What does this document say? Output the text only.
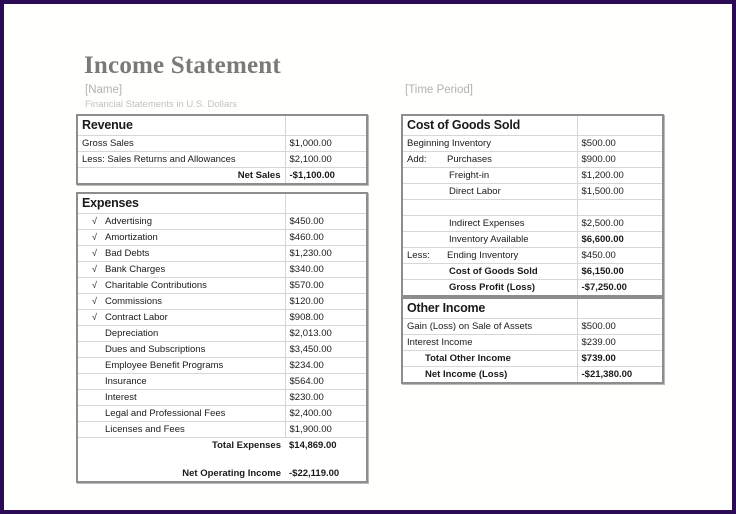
Income Statement
[Name]
Financial Statements in U.S. Dollars
[Time Period]
Revenue	
Gross Sales	$1,000.00
Less: Sales Returns and Allowances	$2,100.00
Net Sales	-$1,100.00
Expenses	
√ Advertising	$450.00
√ Amortization	$460.00
√ Bad Debts	$1,230.00
√ Bank Charges	$340.00
√ Charitable Contributions	$570.00
√ Commissions	$120.00
√ Contract Labor	$908.00
Depreciation	$2,013.00
Dues and Subscriptions	$3,450.00
Employee Benefit Programs	$234.00
Insurance	$564.00
Interest	$230.00
Legal and Professional Fees	$2,400.00
Licenses and Fees	$1,900.00
Total Expenses	$14,869.00

Net Operating Income	-$22,119.00
Cost of Goods Sold	
Beginning Inventory	$500.00
Add: Purchases	$900.00
Freight-in	$1,200.00
Direct Labor	$1,500.00

Indirect Expenses	$2,500.00
Inventory Available	$6,600.00
Less: Ending Inventory	$450.00
Cost of Goods Sold	$6,150.00
Gross Profit (Loss)	-$7,250.00
Other Income	
Gain (Loss) on Sale of Assets	$500.00
Interest Income	$239.00
Total Other Income	$739.00
Net Income (Loss)	-$21,380.00
